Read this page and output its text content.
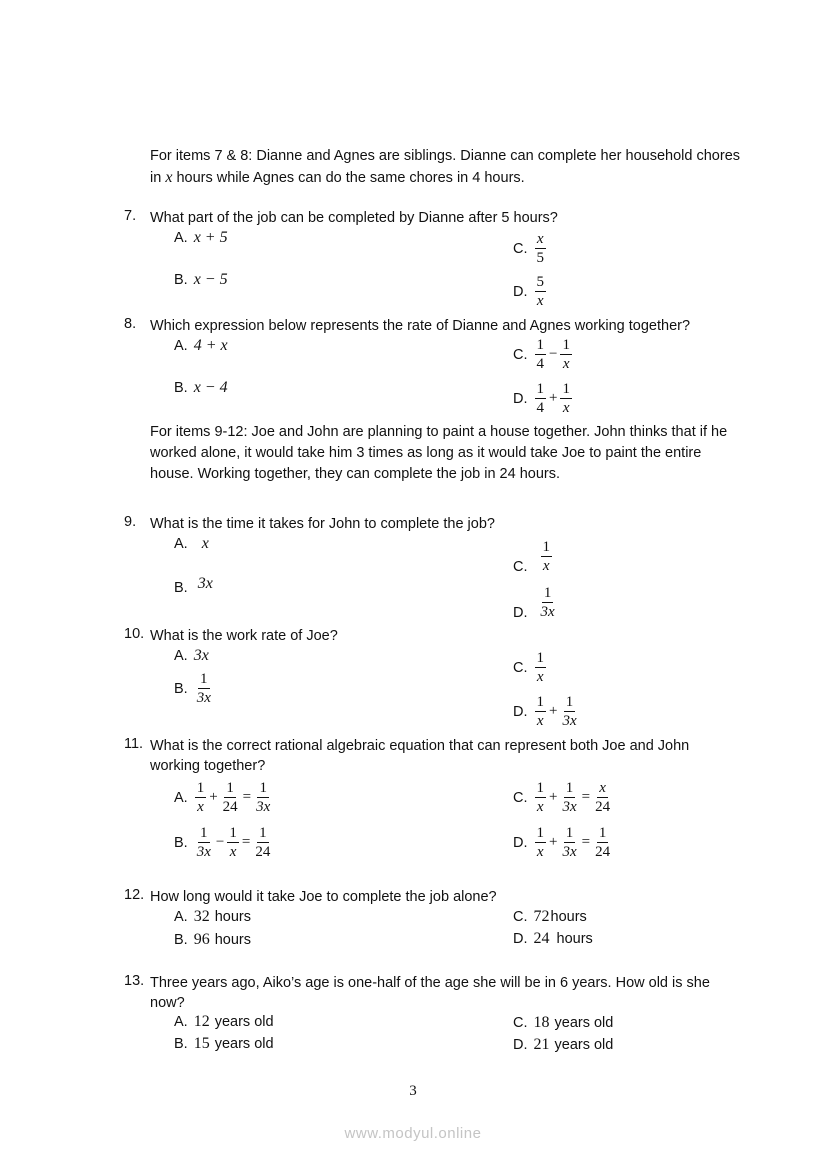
For items 7 & 8: Dianne and Agnes are siblings. Dianne can complete her household chores in x hours while Agnes can do the same chores in 4 hours.
7. What part of the job can be completed by Dianne after 5 hours?
A. x + 5
B. x − 5
C. $\frac{x}{5}$
D. $\frac{5}{x}$
8. Which expression below represents the rate of Dianne and Agnes working together?
A. 4 + x
B. x − 4
C. $\frac{1}{4} - \frac{1}{x}$
D. $\frac{1}{4} + \frac{1}{x}$
For items 9-12: Joe and John are planning to paint a house together. John thinks that if he worked alone, it would take him 3 times as long as it would take Joe to paint the entire house. Working together, they can complete the job in 24 hours.
9. What is the time it takes for John to complete the job?
A. x
B. 3x
C. $\frac{1}{x}$
D. $\frac{1}{3x}$
10. What is the work rate of Joe?
A. 3x
B. $\frac{1}{3x}$
C. $\frac{1}{x}$
D. $\frac{1}{x} + \frac{1}{3x}$
11. What is the correct rational algebraic equation that can represent both Joe and John working together?
A. $\frac{1}{x} + \frac{1}{24} = \frac{1}{3x}$
B. $\frac{1}{3x} - \frac{1}{x} = \frac{1}{24}$
C. $\frac{1}{x} + \frac{1}{3x} = \frac{x}{24}$
D. $\frac{1}{x} + \frac{1}{3x} = \frac{1}{24}$
12. How long would it take Joe to complete the job alone?
A. 32 hours
B. 96 hours
C. 72 hours
D. 24 hours
13. Three years ago, Aiko’s age is one-half of the age she will be in 6 years. How old is she now?
A. 12 years old
B. 15 years old
C. 18 years old
D. 21 years old
3
www.modyul.online
